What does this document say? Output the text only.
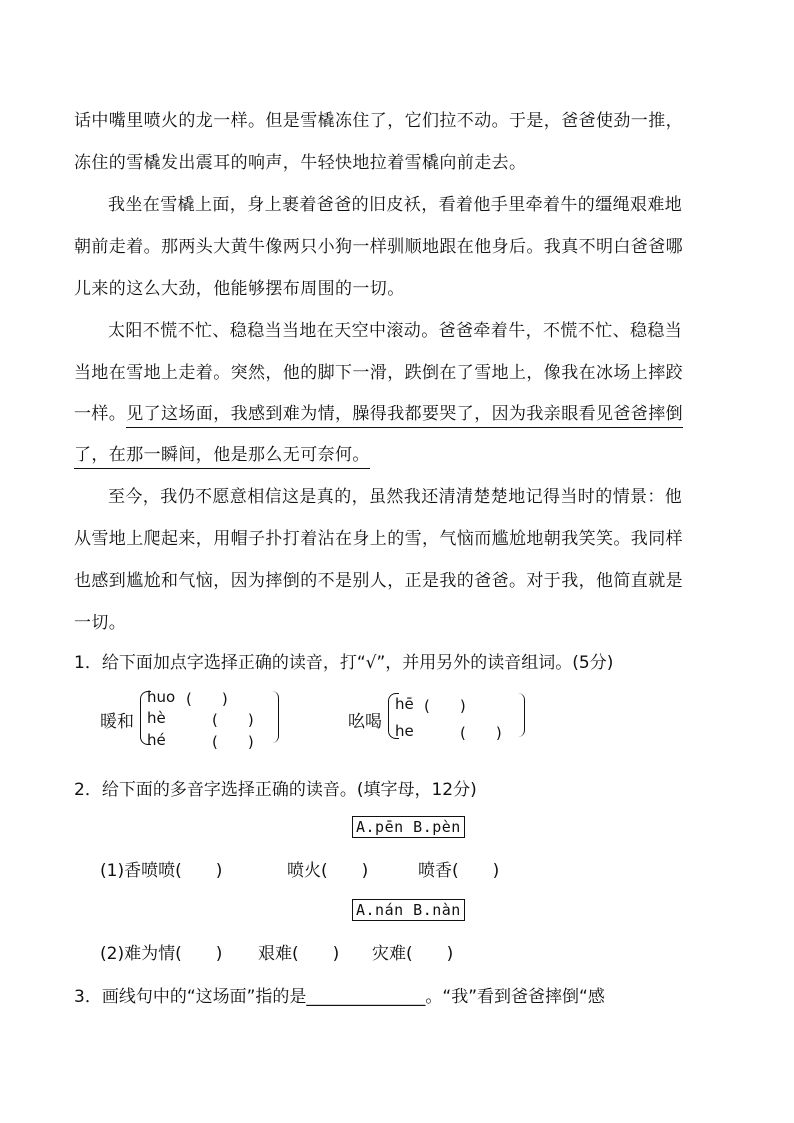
话中嘴里喷火的龙一样。但是雪橇冻住了，它们拉不动。于是，爸爸使劲一推，
冻住的雪橇发出震耳的响声，牛轻快地拉着雪橇向前走去。
我坐在雪橇上面，身上裹着爸爸的旧皮袄，看着他手里牵着牛的缰绳艰难地
朝前走着。那两头大黄牛像两只小狗一样驯顺地跟在他身后。我真不明白爸爸哪
儿来的这么大劲，他能够摆布周围的一切。
太阳不慌不忙、稳稳当当地在天空中滚动。爸爸牵着牛，不慌不忙、稳稳当
当地在雪地上走着。突然，他的脚下一滑，跌倒在了雪地上，像我在冰场上摔跤
一样。见了这场面，我感到难为情，臊得我都要哭了，因为我亲眼看见爸爸摔倒
了，在那一瞬间，他是那么无可奈何。
至今，我仍不愿意相信这是真的，虽然我还清清楚楚地记得当时的情景：他
从雪地上爬起来，用帽子扑打着沾在身上的雪，气恼而尴尬地朝我笑笑。我同样
也感到尴尬和气恼，因为摔倒的不是别人，正是我的爸爸。对于我，他简直就是
一切。
1．给下面加点字选择正确的读音，打“√”，并用另外的读音组词。(5分)
暖和
huo (　　)
hè	(　　)
hé	(　　)
吆喝
hē (　　)
he	(　　)
2．给下面的多音字选择正确的读音。(填字母，12分)
A.pēn B.pèn
(1)香喷喷(　　)	喷火(　　)	喷香(　　)
A.nán B.nàn
(2)难为情(　　) 艰难(　　) 灾难(　　)
3．画线句中的“这场面”指的是______________。“我”看到爸爸摔倒“感
